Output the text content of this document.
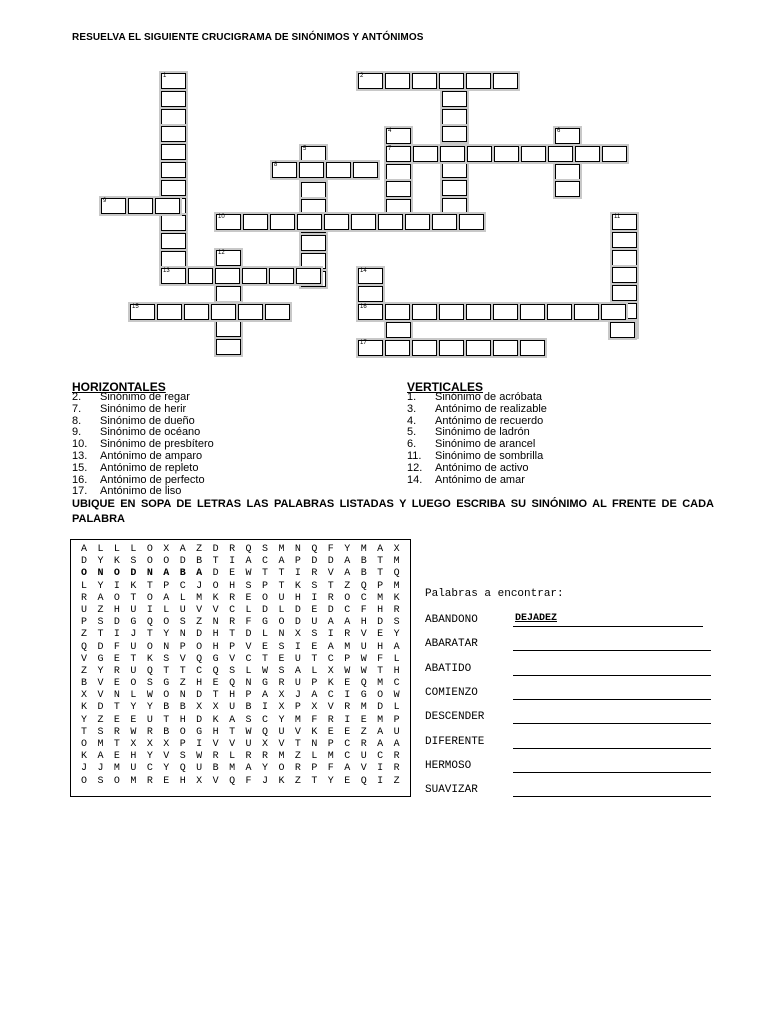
RESUELVA EL SIGUIENTE CRUCIGRAMA DE SINÓNIMOS Y ANTÓNIMOS
1
4
5
6
11
12
14
2
7
8
9
10
13
15	16
17
HORIZONTALES
2. Sinónimo de regar
7. Sinónimo de herir
8. Sinónimo de dueño
9. Sinónimo de océano
10. Sinónimo de presbítero
13. Antónimo de amparo
15. Antónimo de repleto
16. Antónimo de perfecto
17. Antónimo de liso
VERTICALES
1. Sinónimo de acróbata
3. Antónimo de realizable
4. Antónimo de recuerdo
5. Sinónimo de ladrón
6. Sinónimo de arancel
11. Sinónimo de sombrilla
12. Antónimo de activo
14. Antónimo de amar
UBIQUE EN SOPA DE LETRAS LAS PALABRAS LISTADAS Y LUEGO ESCRIBA SU SINÓNIMO AL FRENTE DE CADA PALABRA
A	L	L	L	O	X	A	Z	D	R	Q	S	M	N	Q	F	Y	M	A	X
D	Y	K	S	O	O	D	B	T	I	A	C	A	P	D	D	A	B	T	M
O	N	O	D	N	A	B	A	D	E	W	T	T	I	R	V	A	B	T	Q
L	Y	I	K	T	P	C	J	O	H	S	P	T	K	S	T	Z	Q	P	M
R	A	O	T	O	A	L	M	K	R	E	O	U	H	I	R	O	C	M	K
U	Z	H	U	I	L	U	V	V	C	L	D	L	D	E	D	C	F	H	R
P	S	D	G	Q	O	S	Z	N	R	F	G	O	D	U	A	A	H	D	S
Z	T	I	J	T	Y	N	D	H	T	D	L	N	X	S	I	R	V	E	Y
Q	D	F	U	O	N	P	O	H	P	V	E	S	I	E	A	M	U	H	A
V	G	E	T	K	S	V	Q	G	V	C	T	E	U	T	C	P	W	F	L
Z	Y	R	U	Q	T	T	C	Q	S	L	W	S	A	L	X	W	W	T	H
B	V	E	O	S	G	Z	H	E	Q	N	G	R	U	P	K	E	Q	M	C
X	V	N	L	W	O	N	D	T	H	P	A	X	J	A	C	I	G	O	W
K	D	T	Y	Y	B	B	X	X	U	B	I	X	P	X	V	R	M	D	L
Y	Z	E	E	U	T	H	D	K	A	S	C	Y	M	F	R	I	E	M	P
T	S	R	W	R	B	O	G	H	T	W	Q	U	V	K	E	E	Z	A	U
O	M	T	X	X	X	P	I	V	V	U	X	V	T	N	P	C	R	A	A
K	A	E	H	Y	V	S	W	R	L	R	R	M	Z	L	M	C	U	C	R
J	J	M	U	C	Y	Q	U	B	M	A	Y	O	R	P	F	A	V	I	R
O	S	O	M	R	E	H	X	V	Q	F	J	K	Z	T	Y	E	Q	I	Z
Palabras a encontrar:
ABANDONO	DEJADEZ
ABARATAR
ABATIDO
COMIENZO
DESCENDER
DIFERENTE
HERMOSO
SUAVIZAR
